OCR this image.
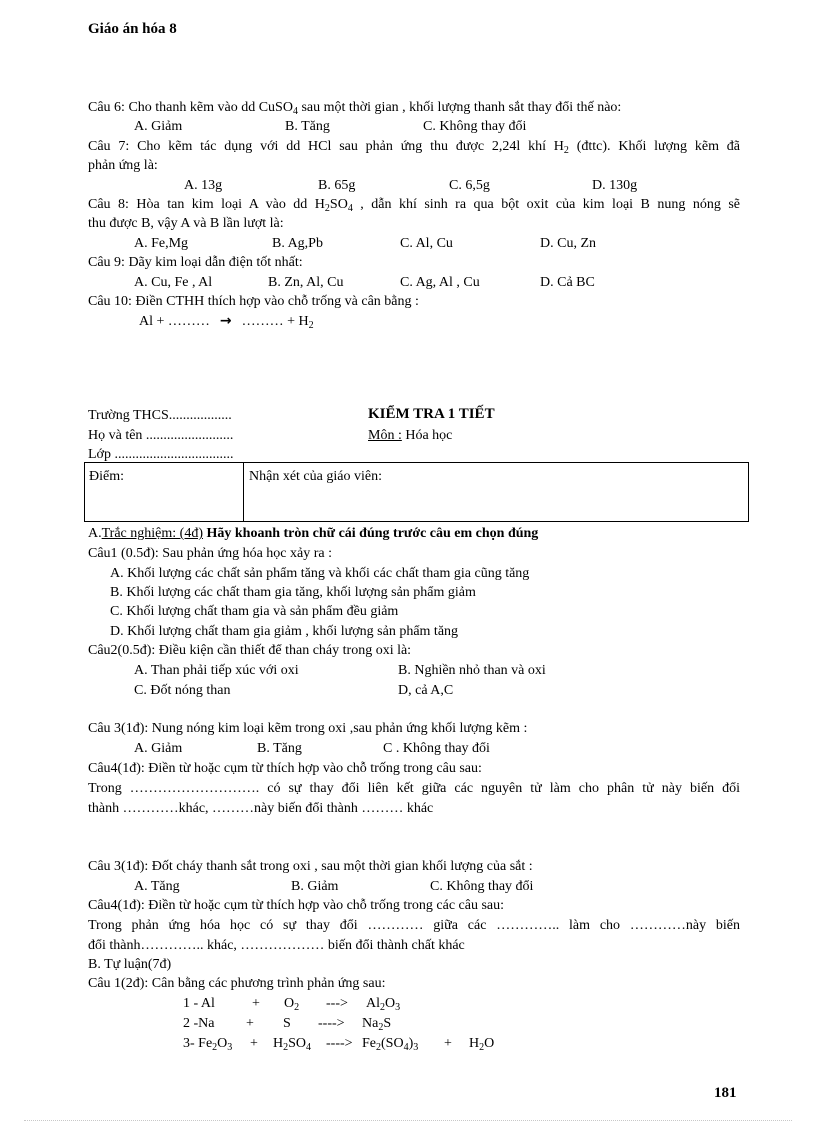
Giáo án hóa 8
Câu 6: Cho thanh kẽm vào dd CuSO$_4$ sau một thời gian , khối lượng thanh sắt thay đổi thế nào:
A. Giảm	B. Tăng	C. Không thay đổi
Câu 7: Cho kẽm tác dụng với dd HCl sau phản ứng thu được 2,24l khí $H_2$ (đttc). Khối lượng kẽm đã
phản ứng là:
A. 13g	B. 65g	C. 6,5g	D. 130g
Câu 8: Hòa tan kim loại A vào dd $H_2SO_4$ , dẫn khí sinh ra qua bột oxit của kim loại B nung nóng sẽ
thu được B, vậy A và B lần lượt là:
A. Fe,Mg	B. Ag,Pb	C. Al, Cu	D. Cu, Zn
Câu 9: Dãy kim loại dẫn điện tốt nhất:
A. Cu, Fe , Al	B. Zn, Al, Cu	C. Ag, Al , Cu	D. Cả BC
Câu 10: Điền CTHH thích hợp vào chỗ trống và cân bằng :
Al + ……… → ……… + $H_2$
Trường THCS..................	KIỂM TRA 1 TIẾT
Họ và tên .........................	Môn : Hóa học
Lớp ..................................
Điểm:	Nhận xét của giáo viên:
A.Trắc nghiệm: (4đ) Hãy khoanh tròn chữ cái đúng trước câu em chọn đúng
Câu1 (0.5đ): Sau phản ứng hóa học xảy ra :
A. Khối lượng các chất sản phẩm tăng và khối các chất tham gia cũng tăng
B. Khối lượng các chất tham gia tăng, khối lượng sản phẩm giảm
C. Khối lượng chất tham gia và sản phẩm đều giảm
D. Khối lượng chất tham gia giảm , khối lượng sản phẩm tăng
Câu2(0.5đ): Điều kiện cần thiết để than cháy trong oxi là:
A. Than phải tiếp xúc với oxi	B. Nghiền nhỏ than và oxi
C. Đốt nóng than	D, cả A,C
Câu 3(1đ): Nung nóng kim loại kẽm trong oxi ,sau phản ứng khối lượng kẽm :
A. Giảm	B. Tăng	C . Không thay đổi
Câu4(1đ): Điền từ hoặc cụm từ thích hợp vào chỗ trống trong câu sau:
Trong ………………………. có sự thay đổi liên kết giữa các nguyên tử làm cho phân tử này biến đổi
thành …………khác, ………này biến đổi thành ……… khác
Câu 3(1đ): Đốt cháy thanh sắt trong oxi , sau một thời gian khối lượng của sắt :
A. Tăng	B. Giảm	C. Không thay đổi
Câu4(1đ): Điền từ hoặc cụm từ thích hợp vào chỗ trống trong các câu sau:
Trong phản ứng hóa học có sự thay đổi ………… giữa các ………….. làm cho …………này biến
đổi thành………….. khác, ……………… biến đổi thành chất khác
B. Tự luận(7đ)
Câu 1(2đ): Cân bằng các phương trình phản ứng sau:
1 - Al	+ $O_2$ ---> $Al_2O_3$
2 -Na + S ----> $Na_2S$
3- $Fe_2O_3 + H_2SO_4$ ----> $Fe_2(SO_4)_3 + H_2O$
181
